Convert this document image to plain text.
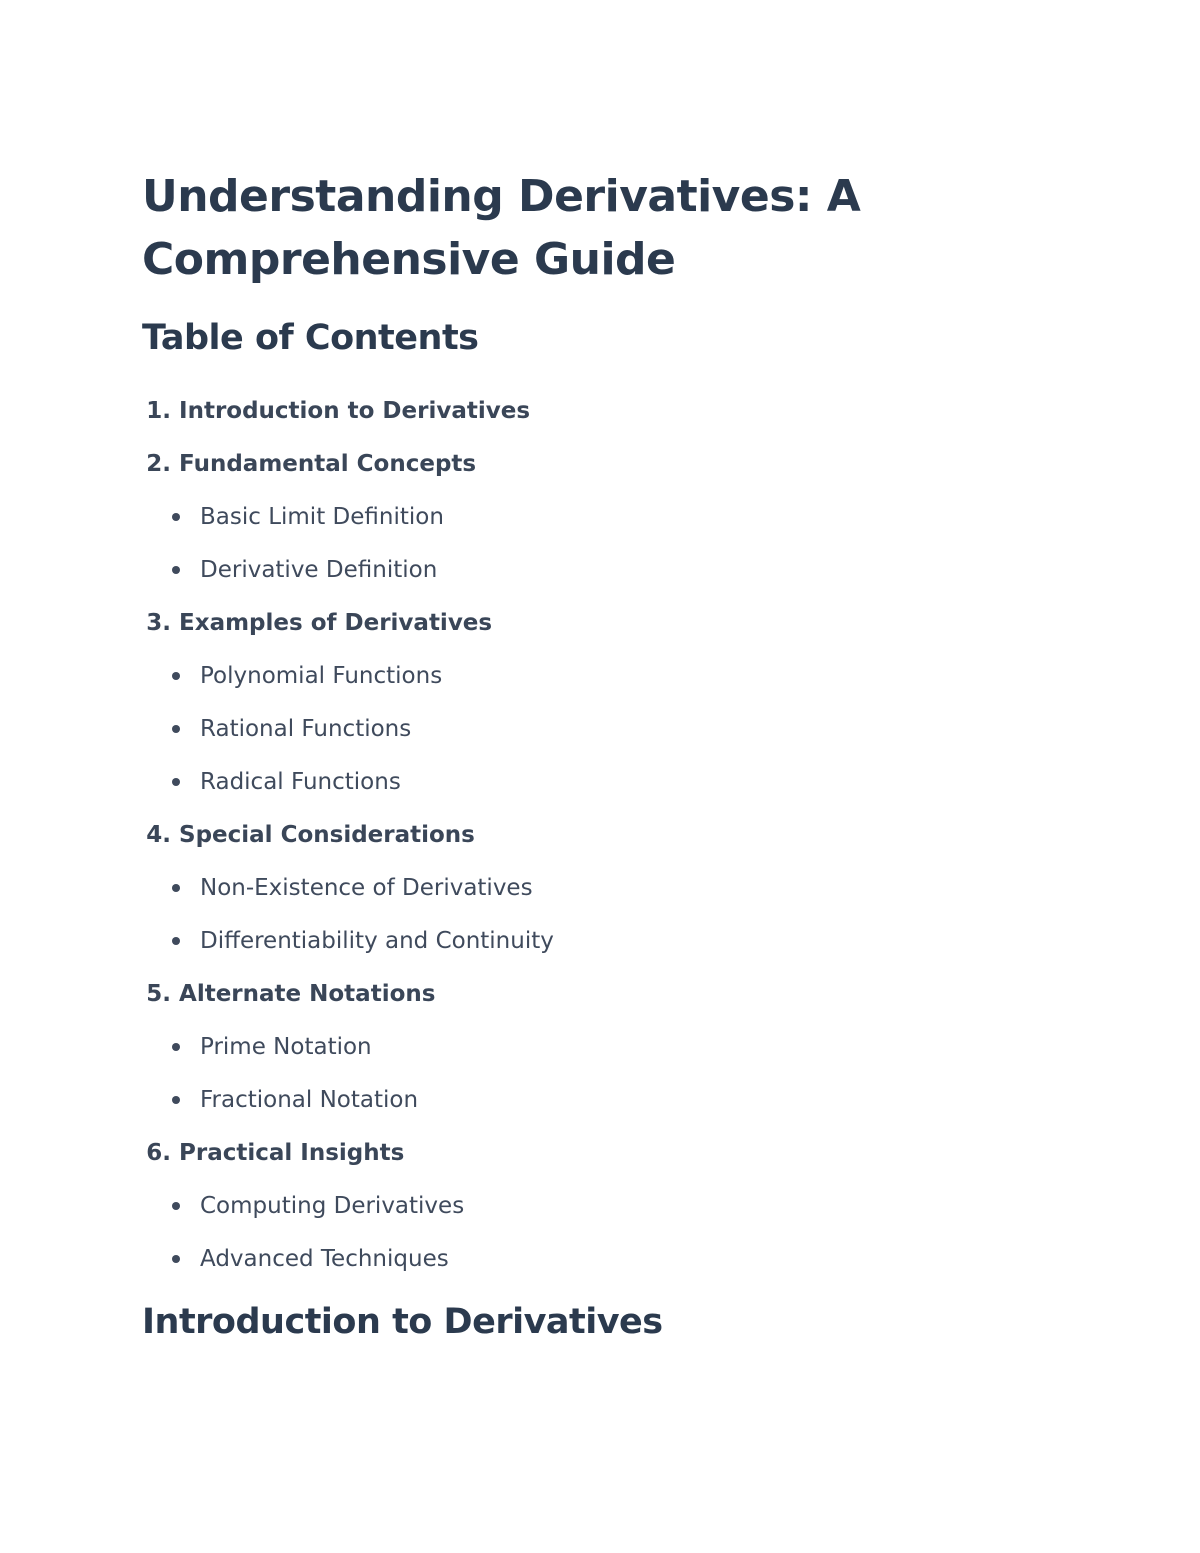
Understanding Derivatives: A Comprehensive Guide
Table of Contents
1.
Introduction to Derivatives
2.
Fundamental Concepts
Basic Limit Definition
Derivative Definition
3.
Examples of Derivatives
Polynomial Functions
Rational Functions
Radical Functions
4.
Special Considerations
Non-Existence of Derivatives
Differentiability and Continuity
5.
Alternate Notations
Prime Notation
Fractional Notation
6.
Practical Insights
Computing Derivatives
Advanced Techniques
Introduction to Derivatives
